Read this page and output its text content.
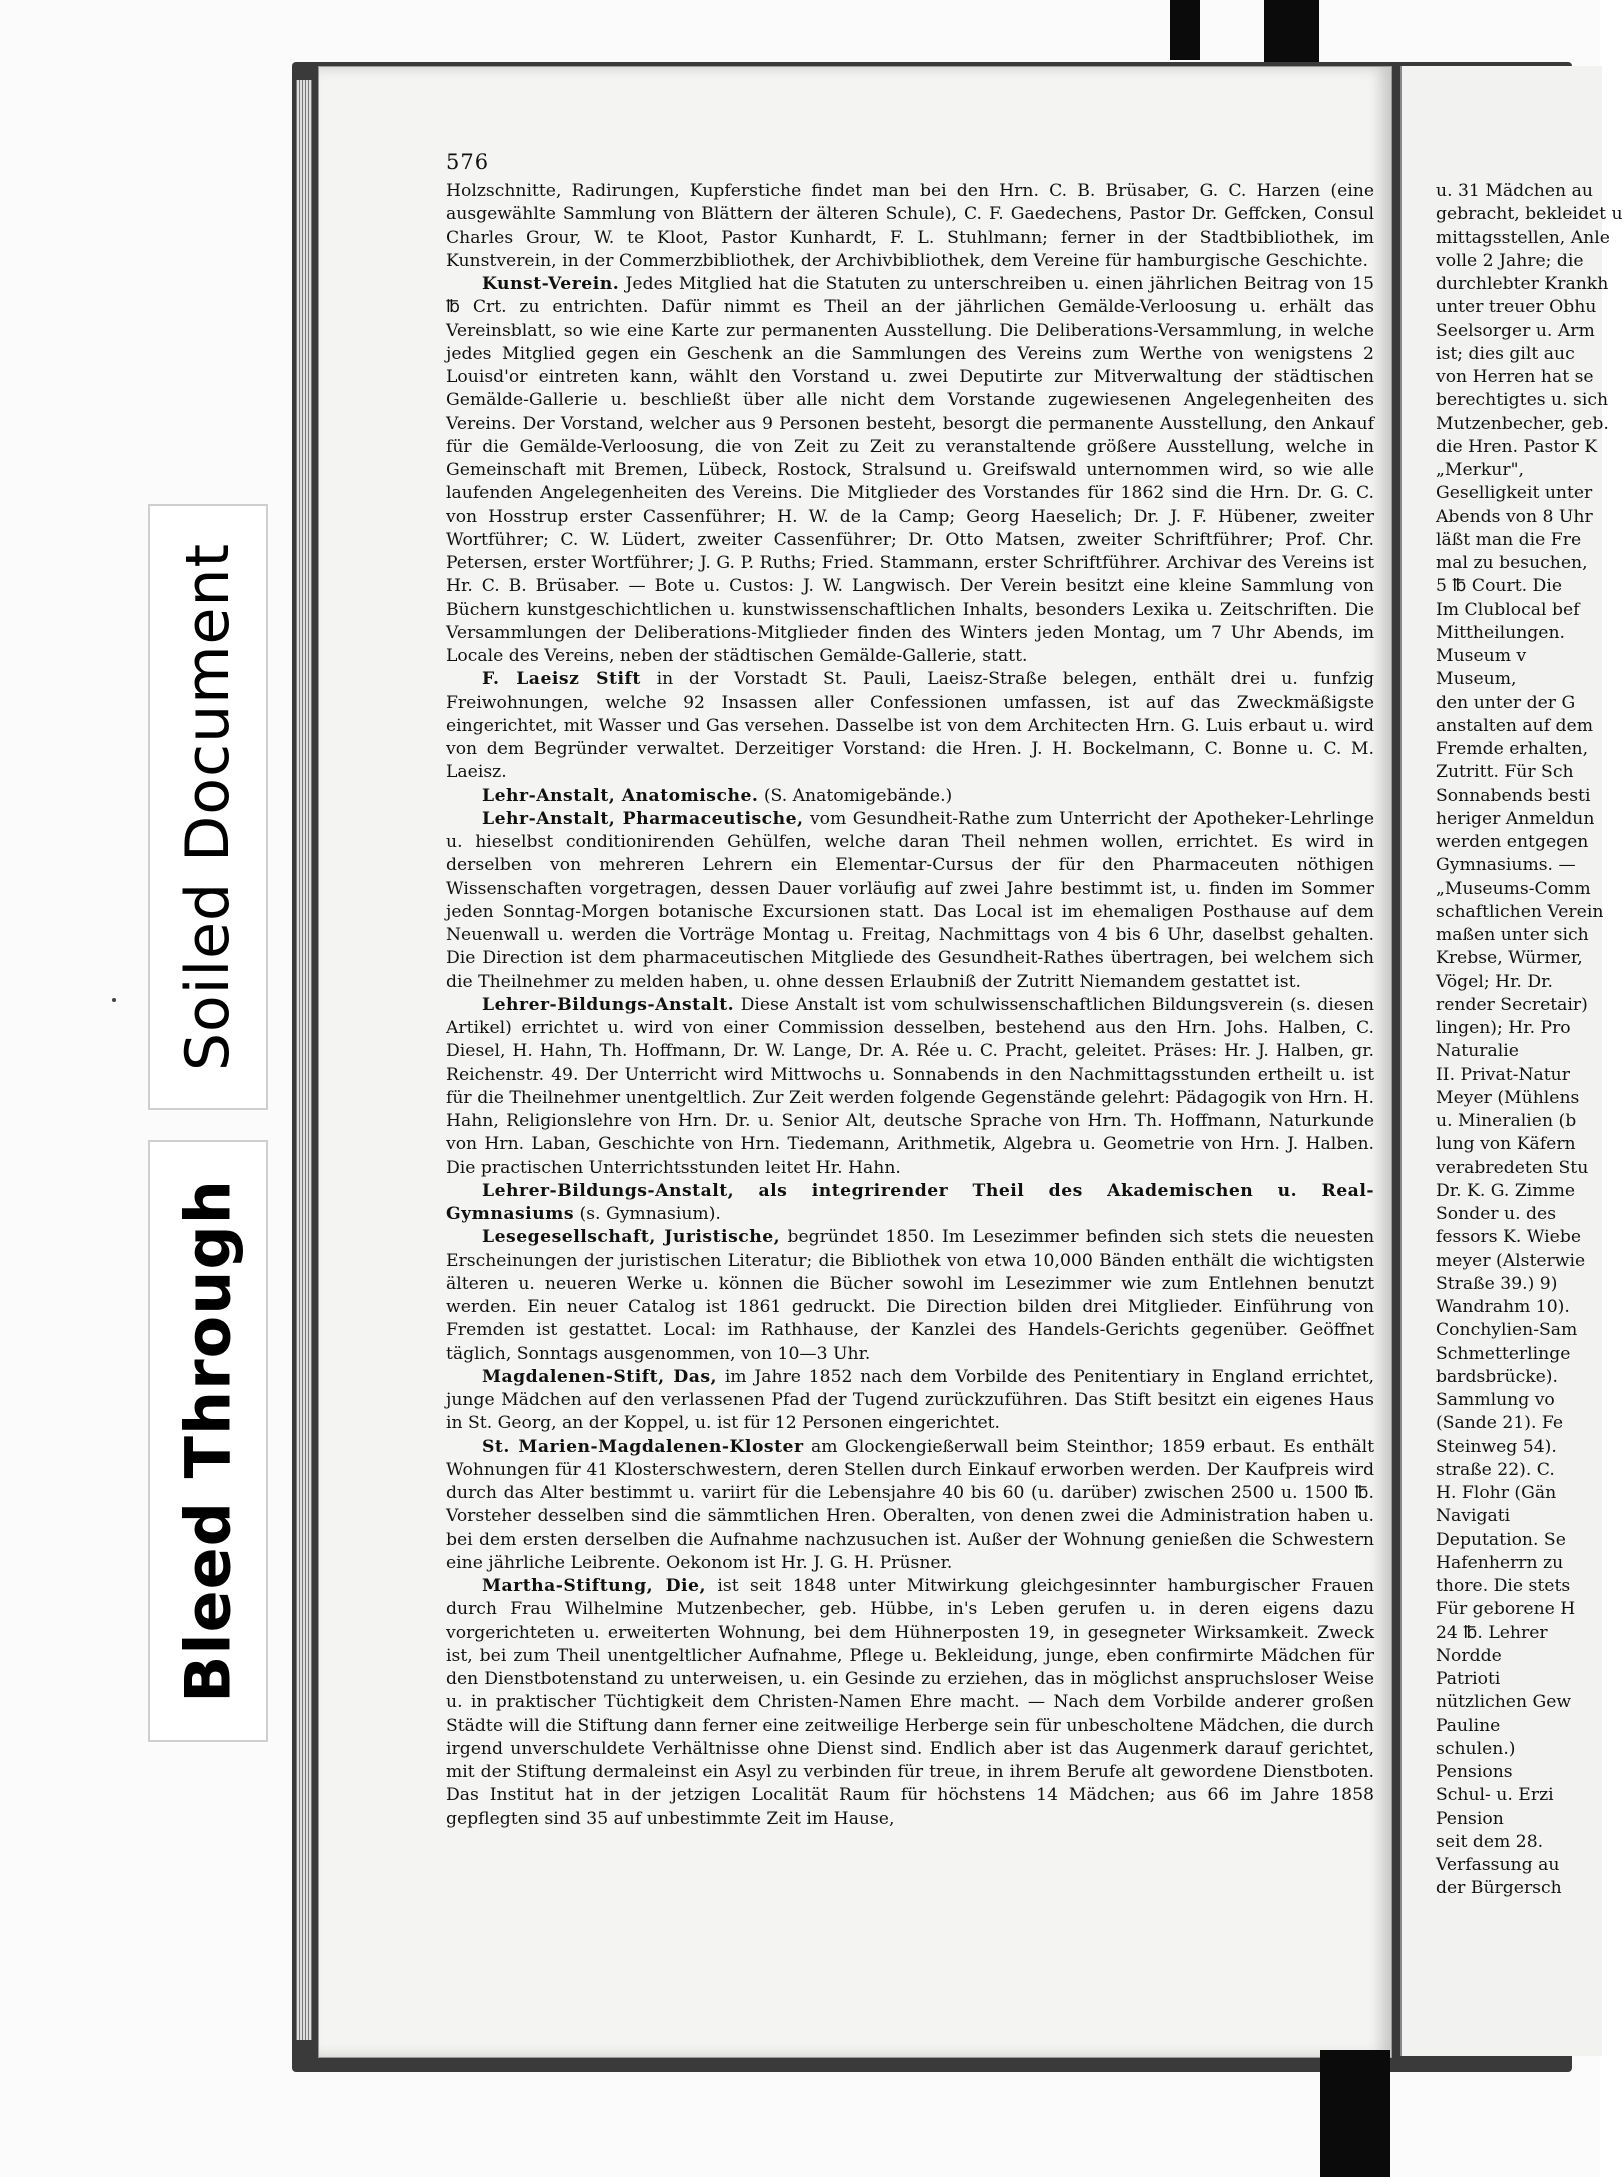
Soiled Document
Bleed Through
576

Holzschnitte, Radirungen, Kupferstiche findet man bei den Hrn. C. B. Brüsaber, G. C. Harzen (eine ausgewählte Sammlung von Blättern der älteren Schule), C. F. Gaedechens, Pastor Dr. Geffcken, Consul Charles Grour, W. te Kloot, Pastor Kunhardt, F. L. Stuhlmann; ferner in der Stadtbibliothek, im Kunstverein, in der Commerzbibliothek, der Archivbibliothek, dem Vereine für hamburgische Geschichte.

Kunst-Verein. Jedes Mitglied hat die Statuten zu unterschreiben u. einen jährlichen Beitrag von 15 ℔ Crt. zu entrichten. Dafür nimmt es Theil an der jährlichen Gemälde-Verloosung u. erhält das Vereinsblatt, so wie eine Karte zur permanenten Ausstellung. Die Deliberations-Versammlung, in welche jedes Mitglied gegen ein Geschenk an die Sammlungen des Vereins zum Werthe von wenigstens 2 Louisd'or eintreten kann, wählt den Vorstand u. zwei Deputirte zur Mitverwaltung der städtischen Gemälde-Gallerie u. beschließt über alle nicht dem Vorstande zugewiesenen Angelegenheiten des Vereins. Der Vorstand, welcher aus 9 Personen besteht, besorgt die permanente Ausstellung, den Ankauf für die Gemälde-Verloosung, die von Zeit zu Zeit zu veranstaltende größere Ausstellung, welche in Gemeinschaft mit Bremen, Lübeck, Rostock, Stralsund u. Greifswald unternommen wird, so wie alle laufenden Angelegenheiten des Vereins. Die Mitglieder des Vorstandes für 1862 sind die Hrn. Dr. G. C. von Hosstrup erster Cassenführer; H. W. de la Camp; Georg Haeselich; Dr. J. F. Hübener, zweiter Wortführer; C. W. Lüdert, zweiter Cassenführer; Dr. Otto Matsen, zweiter Schriftführer; Prof. Chr. Petersen, erster Wortführer; J. G. P. Ruths; Fried. Stammann, erster Schriftführer. Archivar des Vereins ist Hr. C. B. Brüsaber. — Bote u. Custos: J. W. Langwisch. Der Verein besitzt eine kleine Sammlung von Büchern kunstgeschichtlichen u. kunstwissenschaftlichen Inhalts, besonders Lexika u. Zeitschriften. Die Versammlungen der Deliberations-Mitglieder finden des Winters jeden Montag, um 7 Uhr Abends, im Locale des Vereins, neben der städtischen Gemälde-Gallerie, statt.

F. Laeisz Stift in der Vorstadt St. Pauli, Laeisz-Straße belegen, enthält drei u. funfzig Freiwohnungen, welche 92 Insassen aller Confessionen umfassen, ist auf das Zweckmäßigste eingerichtet, mit Wasser und Gas versehen. Dasselbe ist von dem Architecten Hrn. G. Luis erbaut u. wird von dem Begründer verwaltet. Derzeitiger Vorstand: die Hren. J. H. Bockelmann, C. Bonne u. C. M. Laeisz.

Lehr-Anstalt, Anatomische. (S. Anatomigebände.)

Lehr-Anstalt, Pharmaceutische, vom Gesundheit-Rathe zum Unterricht der Apotheker-Lehrlinge u. hieselbst conditionirenden Gehülfen, welche daran Theil nehmen wollen, errichtet. Es wird in derselben von mehreren Lehrern ein Elementar-Cursus der für den Pharmaceuten nöthigen Wissenschaften vorgetragen, dessen Dauer vorläufig auf zwei Jahre bestimmt ist, u. finden im Sommer jeden Sonntag-Morgen botanische Excursionen statt. Das Local ist im ehemaligen Posthause auf dem Neuenwall u. werden die Vorträge Montag u. Freitag, Nachmittags von 4 bis 6 Uhr, daselbst gehalten. Die Direction ist dem pharmaceutischen Mitgliede des Gesundheit-Rathes übertragen, bei welchem sich die Theilnehmer zu melden haben, u. ohne dessen Erlaubniß der Zutritt Niemandem gestattet ist.

Lehrer-Bildungs-Anstalt. Diese Anstalt ist vom schulwissenschaftlichen Bildungsverein (s. diesen Artikel) errichtet u. wird von einer Commission desselben, bestehend aus den Hrn. Johs. Halben, C. Diesel, H. Hahn, Th. Hoffmann, Dr. W. Lange, Dr. A. Rée u. C. Pracht, geleitet. Präses: Hr. J. Halben, gr. Reichenstr. 49. Der Unterricht wird Mittwochs u. Sonnabends in den Nachmittagsstunden ertheilt u. ist für die Theilnehmer unentgeltlich. Zur Zeit werden folgende Gegenstände gelehrt: Pädagogik von Hrn. H. Hahn, Religionslehre von Hrn. Dr. u. Senior Alt, deutsche Sprache von Hrn. Th. Hoffmann, Naturkunde von Hrn. Laban, Geschichte von Hrn. Tiedemann, Arithmetik, Algebra u. Geometrie von Hrn. J. Halben. Die practischen Unterrichtsstunden leitet Hr. Hahn.

Lehrer-Bildungs-Anstalt, als integrirender Theil des Akademischen u. Real-Gymnasiums (s. Gymnasium).

Lesegesellschaft, Juristische, begründet 1850. Im Lesezimmer befinden sich stets die neuesten Erscheinungen der juristischen Literatur; die Bibliothek von etwa 10,000 Bänden enthält die wichtigsten älteren u. neueren Werke u. können die Bücher sowohl im Lesezimmer wie zum Entlehnen benutzt werden. Ein neuer Catalog ist 1861 gedruckt. Die Direction bilden drei Mitglieder. Einführung von Fremden ist gestattet. Local: im Rathhause, der Kanzlei des Handels-Gerichts gegenüber. Geöffnet täglich, Sonntags ausgenommen, von 10—3 Uhr.

Magdalenen-Stift, Das, im Jahre 1852 nach dem Vorbilde des Penitentiary in England errichtet, junge Mädchen auf den verlassenen Pfad der Tugend zurückzuführen. Das Stift besitzt ein eigenes Haus in St. Georg, an der Koppel, u. ist für 12 Personen eingerichtet.

St. Marien-Magdalenen-Kloster am Glockengießerwall beim Steinthor; 1859 erbaut. Es enthält Wohnungen für 41 Klosterschwestern, deren Stellen durch Einkauf erworben werden. Der Kaufpreis wird durch das Alter bestimmt u. variirt für die Lebensjahre 40 bis 60 (u. darüber) zwischen 2500 u. 1500 ℔. Vorsteher desselben sind die sämmtlichen Hren. Oberalten, von denen zwei die Administration haben u. bei dem ersten derselben die Aufnahme nachzusuchen ist. Außer der Wohnung genießen die Schwestern eine jährliche Leibrente. Oekonom ist Hr. J. G. H. Prüsner.

Martha-Stiftung, Die, ist seit 1848 unter Mitwirkung gleichgesinnter hamburgischer Frauen durch Frau Wilhelmine Mutzenbecher, geb. Hübbe, in's Leben gerufen u. in deren eigens dazu vorgerichteten u. erweiterten Wohnung, bei dem Hühnerposten 19, in gesegneter Wirksamkeit. Zweck ist, bei zum Theil unentgeltlicher Aufnahme, Pflege u. Bekleidung, junge, eben confirmirte Mädchen für den Dienstbotenstand zu unterweisen, u. ein Gesinde zu erziehen, das in möglichst anspruchsloser Weise u. in praktischer Tüchtigkeit dem Christen-Namen Ehre macht. — Nach dem Vorbilde anderer großen Städte will die Stiftung dann ferner eine zeitweilige Herberge sein für unbescholtene Mädchen, die durch irgend unverschuldete Verhältnisse ohne Dienst sind. Endlich aber ist das Augenmerk darauf gerichtet, mit der Stiftung dermaleinst ein Asyl zu verbinden für treue, in ihrem Berufe alt gewordene Dienstboten. Das Institut hat in der jetzigen Localität Raum für höchstens 14 Mädchen; aus 66 im Jahre 1858 gepflegten sind 35 auf unbestimmte Zeit im Hause,

u. 31 Mädchen au
gebracht, bekleidet u
mittagsstellen, Anle
volle 2 Jahre; die
durchlebter Krankh
unter treuer Obhu
Seelsorger u. Arm
ist; dies gilt auc
von Herren hat se
berechtigtes u. sich
Mutzenbecher, geb.
die Hren. Pastor K
„Merkur",
Geselligkeit unter
Abends von 8 Uhr
läßt man die Fre
mal zu besuchen,
5 ℔ Court. Die
Im Clublocal bef
Mittheilungen.
Museum v
Museum,
den unter der G
anstalten auf dem
Fremde erhalten,
Zutritt. Für Sch
Sonnabends besti
heriger Anmeldun
werden entgegen
Gymnasiums. —
„Museums-Comm
schaftlichen Verein
maßen unter sich
Krebse, Würmer,
Vögel; Hr. Dr.
render Secretair)
lingen); Hr. Pro
Naturalie
II. Privat-Natur
Meyer (Mühlens
u. Mineralien (b
lung von Käfern
verabredeten Stu
Dr. K. G. Zimme
Sonder u. des
fessors K. Wiebe
meyer (Alsterwie
Straße 39.) 9)
Wandrahm 10).
Conchylien-Sam
Schmetterlinge
bardsbrücke).
Sammlung vo
(Sande 21). Fe
Steinweg 54).
straße 22). C.
H. Flohr (Gän
Navigati
Deputation. Se
Hafenherrn zu
thore. Die stets
Für geborene H
24 ℔. Lehrer
Nordde
Patrioti
nützlichen Gew
Pauline
schulen.)
Pensions
Schul- u. Erzi
Pension
seit dem 28.
Verfassung au
der Bürgersch
